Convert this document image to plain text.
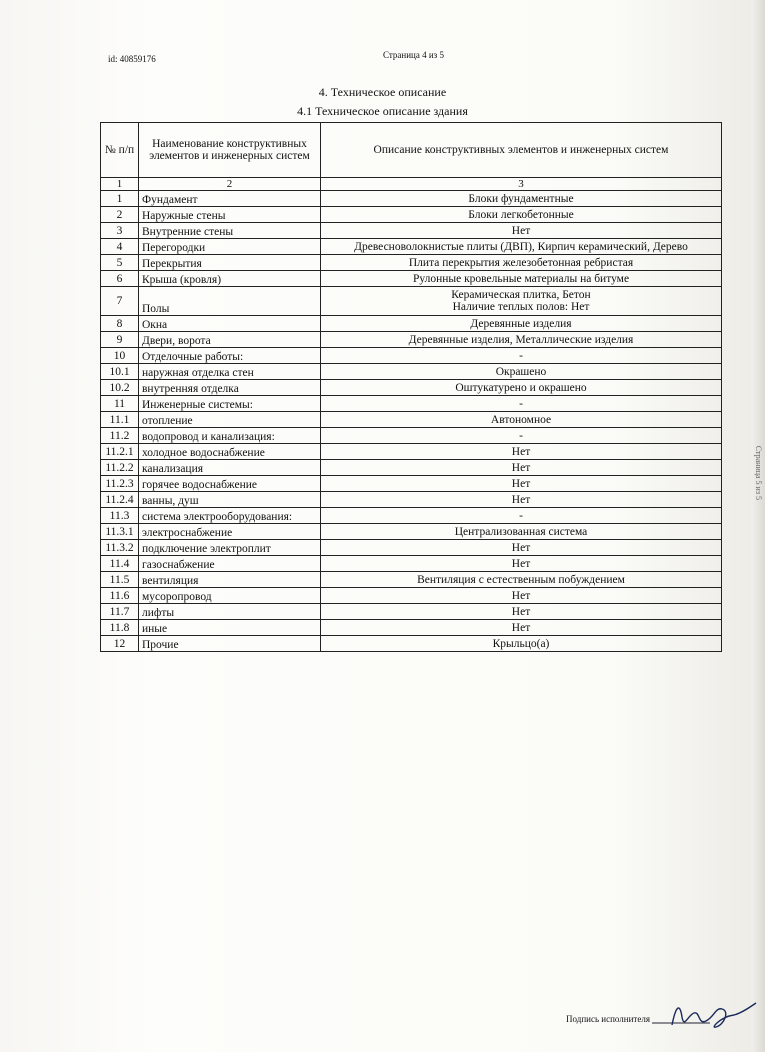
Страница 5 из 5
id: 40859176	Страница 4 из 5
4. Техническое описание
4.1 Техническое описание здания
№ п/п	Наименование конструктивных элементов и инженерных систем	Описание конструктивных элементов и инженерных систем
1	2	3
1	Фундамент	Блоки фундаментные
2	Наружные стены	Блоки легкобетонные
3	Внутренние стены	Нет
4	Перегородки	Древесноволокнистые плиты (ДВП), Кирпич керамический, Дерево
5	Перекрытия	Плита перекрытия железобетонная ребристая
6	Крыша (кровля)	Рулонные кровельные материалы на битуме
7	Полы	Керамическая плитка, Бетон
Наличие теплых полов: Нет

8	Окна	Деревянные изделия
9	Двери, ворота	Деревянные изделия, Металлические изделия
10	Отделочные работы:	-
10.1	наружная отделка стен	Окрашено
10.2	внутренняя отделка	Оштукатурено и окрашено
11	Инженерные системы:	-
11.1	отопление	Автономное
11.2	водопровод и канализация:	-
11.2.1	холодное водоснабжение	Нет
11.2.2	канализация	Нет
11.2.3	горячее водоснабжение	Нет
11.2.4	ванны, душ	Нет
11.3	система электрооборудования:	-
11.3.1	электроснабжение	Централизованная система
11.3.2	подключение электроплит	Нет
11.4	газоснабжение	Нет
11.5	вентиляция	Вентиляция с естественным побуждением
11.6	мусоропровод	Нет
11.7	лифты	Нет
11.8	иные	Нет
12	Прочие	Крыльцо(а)
Подпись исполнителя
